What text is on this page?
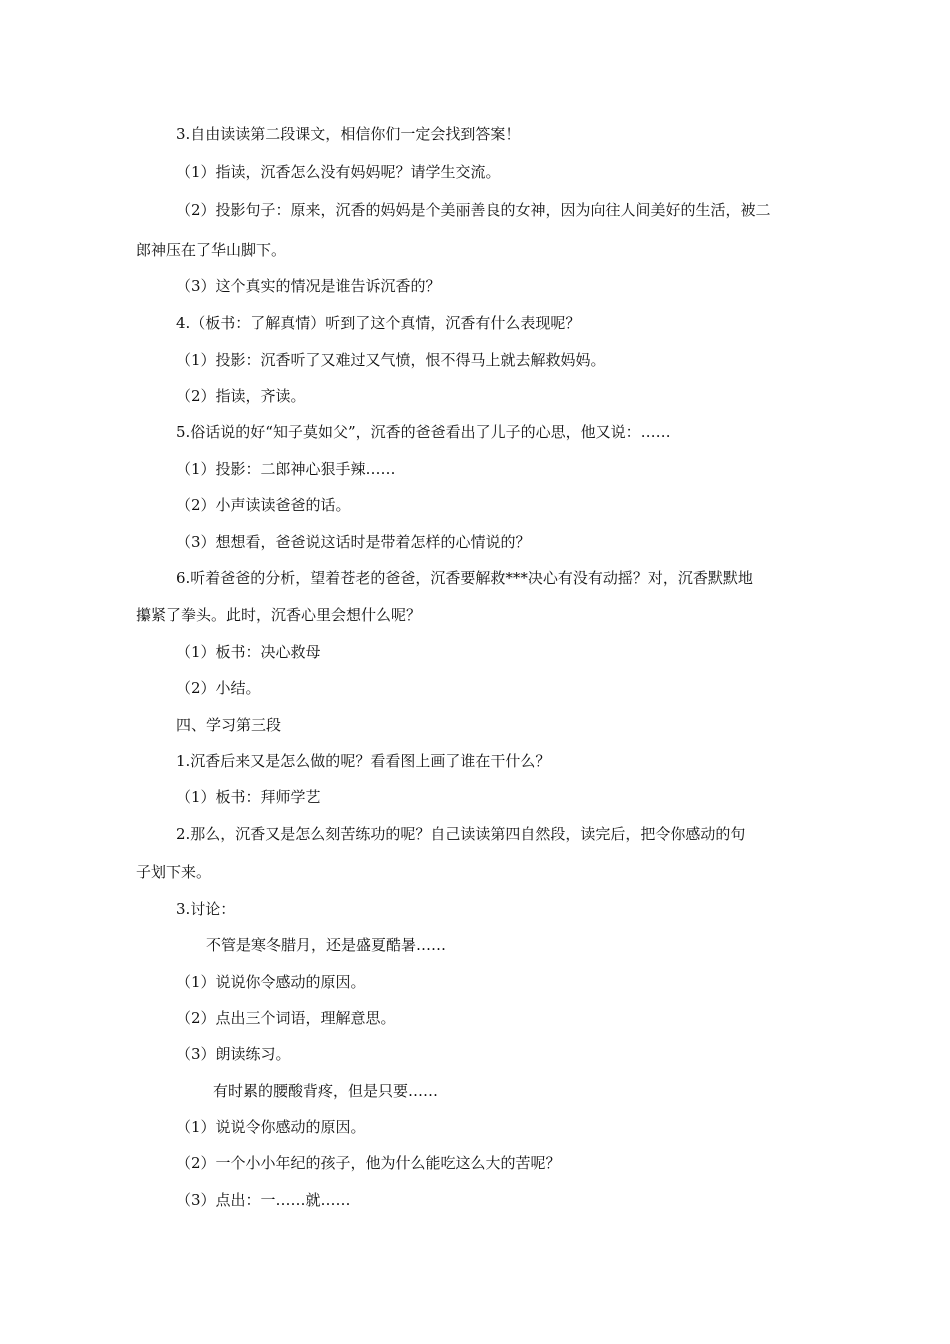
3.自由读读第二段课文，相信你们一定会找到答案！
（1）指读，沉香怎么没有妈妈呢？请学生交流。
（2）投影句子：原来，沉香的妈妈是个美丽善良的女神，因为向往人间美好的生活，被二
郎神压在了华山脚下。
（3）这个真实的情况是谁告诉沉香的？
4.（板书：了解真情）听到了这个真情，沉香有什么表现呢？
（1）投影：沉香听了又难过又气愤，恨不得马上就去解救妈妈。
（2）指读，齐读。
5.俗话说的好“知子莫如父”，沉香的爸爸看出了儿子的心思，他又说：……
（1）投影：二郎神心狠手辣……
（2）小声读读爸爸的话。
（3）想想看，爸爸说这话时是带着怎样的心情说的？
6.听着爸爸的分析，望着苍老的爸爸，沉香要解救***决心有没有动摇？对，沉香默默地
攥紧了拳头。此时，沉香心里会想什么呢？
（1）板书：决心救母
（2）小结。
四、学习第三段
1.沉香后来又是怎么做的呢？看看图上画了谁在干什么？
（1）板书：拜师学艺
2.那么，沉香又是怎么刻苦练功的呢？自己读读第四自然段，读完后，把令你感动的句
子划下来。
3.讨论：
不管是寒冬腊月，还是盛夏酷暑……
（1）说说你令感动的原因。
（2）点出三个词语，理解意思。
（3）朗读练习。
有时累的腰酸背疼，但是只要……
（1）说说令你感动的原因。
（2）一个小小年纪的孩子，他为什么能吃这么大的苦呢？
（3）点出：一……就……
